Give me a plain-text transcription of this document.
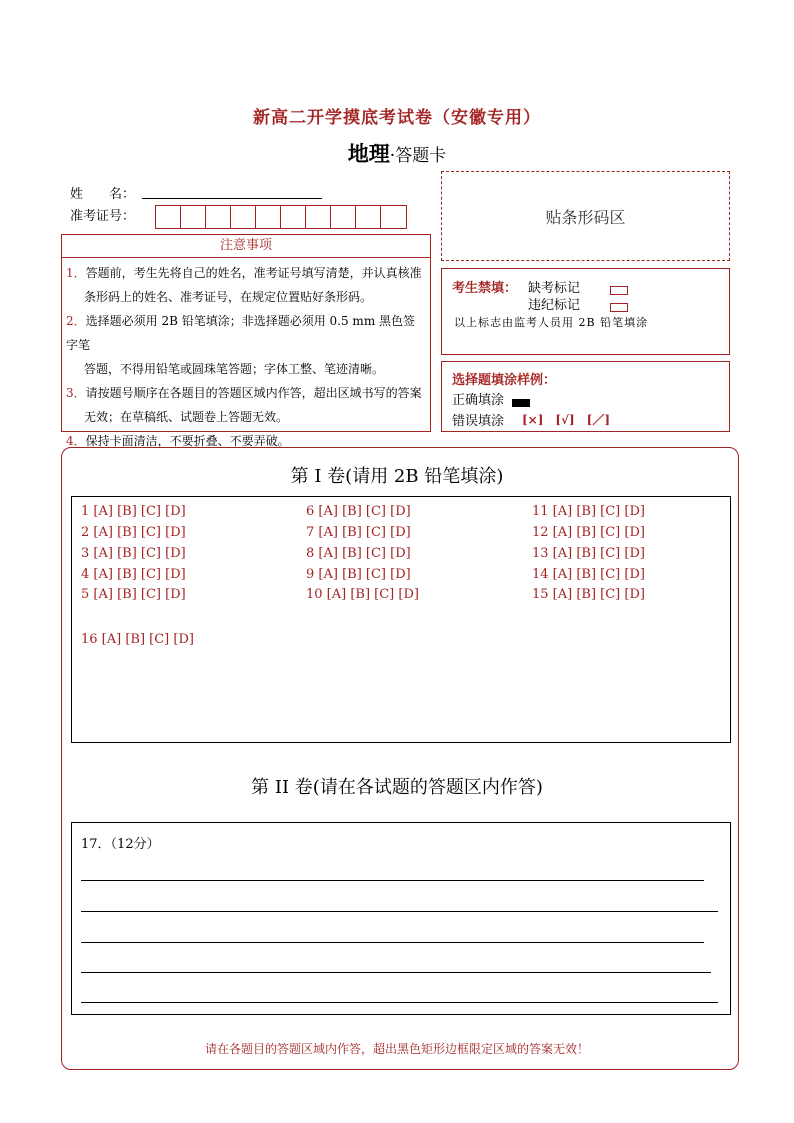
新高二开学摸底考试卷（安徽专用）
地理·答题卡
姓　　名：
准考证号：	贴条形码区
注意事项
1．答题前，考生先将自己的姓名，准考证号填写清楚，并认真核准
条形码上的姓名、准考证号，在规定位置贴好条形码。
2．选择题必须用 2B 铅笔填涂；非选择题必须用 0.5 mm 黑色签字笔
答题，不得用铅笔或圆珠笔答题；字体工整、笔迹清晰。
3．请按题号顺序在各题目的答题区域内作答，超出区域书写的答案
无效；在草稿纸、试题卷上答题无效。
4．保持卡面清洁，不要折叠、不要弄破。
考生禁填： 缺考标记
违纪标记
以上标志由监考人员用 2B 铅笔填涂
选择题填涂样例：
正确填涂
错误填涂 [×]　[√]　[／]
第 I 卷(请用 2B 铅笔填涂)
1 [A] [B] [C] [D]
2 [A] [B] [C] [D]
3 [A] [B] [C] [D]
4 [A] [B] [C] [D]
5 [A] [B] [C] [D]
6 [A] [B] [C] [D]
7 [A] [B] [C] [D]
8 [A] [B] [C] [D]
9 [A] [B] [C] [D]
10 [A] [B] [C] [D]
11 [A] [B] [C] [D]
12 [A] [B] [C] [D]
13 [A] [B] [C] [D]
14 [A] [B] [C] [D]
15 [A] [B] [C] [D]
16 [A] [B] [C] [D]
第 II 卷(请在各试题的答题区内作答)
17．（12分）
请在各题目的答题区域内作答，超出黑色矩形边框限定区域的答案无效！
